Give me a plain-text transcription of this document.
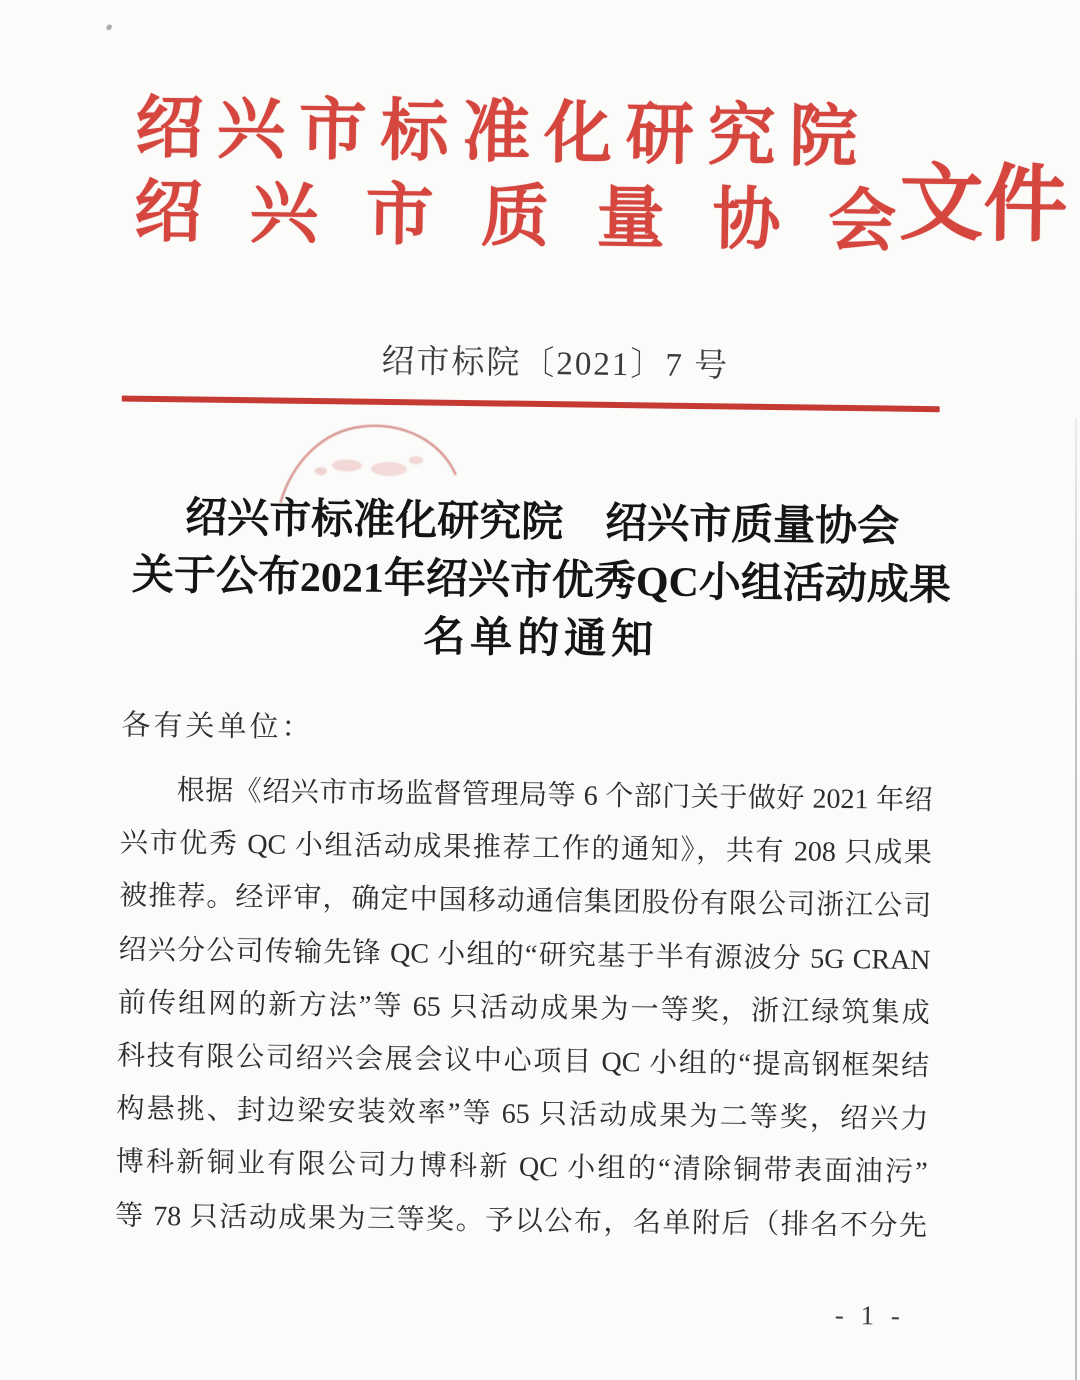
绍兴市标准化研究院
绍兴市质量协会 文件
绍市标院〔2021〕7 号
绍兴市标准化研究院　绍兴市质量协会
关于公布2021年绍兴市优秀QC小组活动成果
名单的通知
各有关单位：
根据《绍兴市市场监督管理局等 6 个部门关于做好 2021 年绍
兴市优秀 QC 小组活动成果推荐工作的通知》，共有 208 只成果
被推荐。经评审，确定中国移动通信集团股份有限公司浙江公司
绍兴分公司传输先锋 QC 小组的“研究基于半有源波分 5G CRAN
前传组网的新方法”等 65 只活动成果为一等奖，浙江绿筑集成
科技有限公司绍兴会展会议中心项目 QC 小组的“提高钢框架结
构悬挑、封边梁安装效率”等 65 只活动成果为二等奖，绍兴力
博科新铜业有限公司力博科新 QC 小组的“清除铜带表面油污”
等 78 只活动成果为三等奖。予以公布，名单附后（排名不分先
- 1 -
